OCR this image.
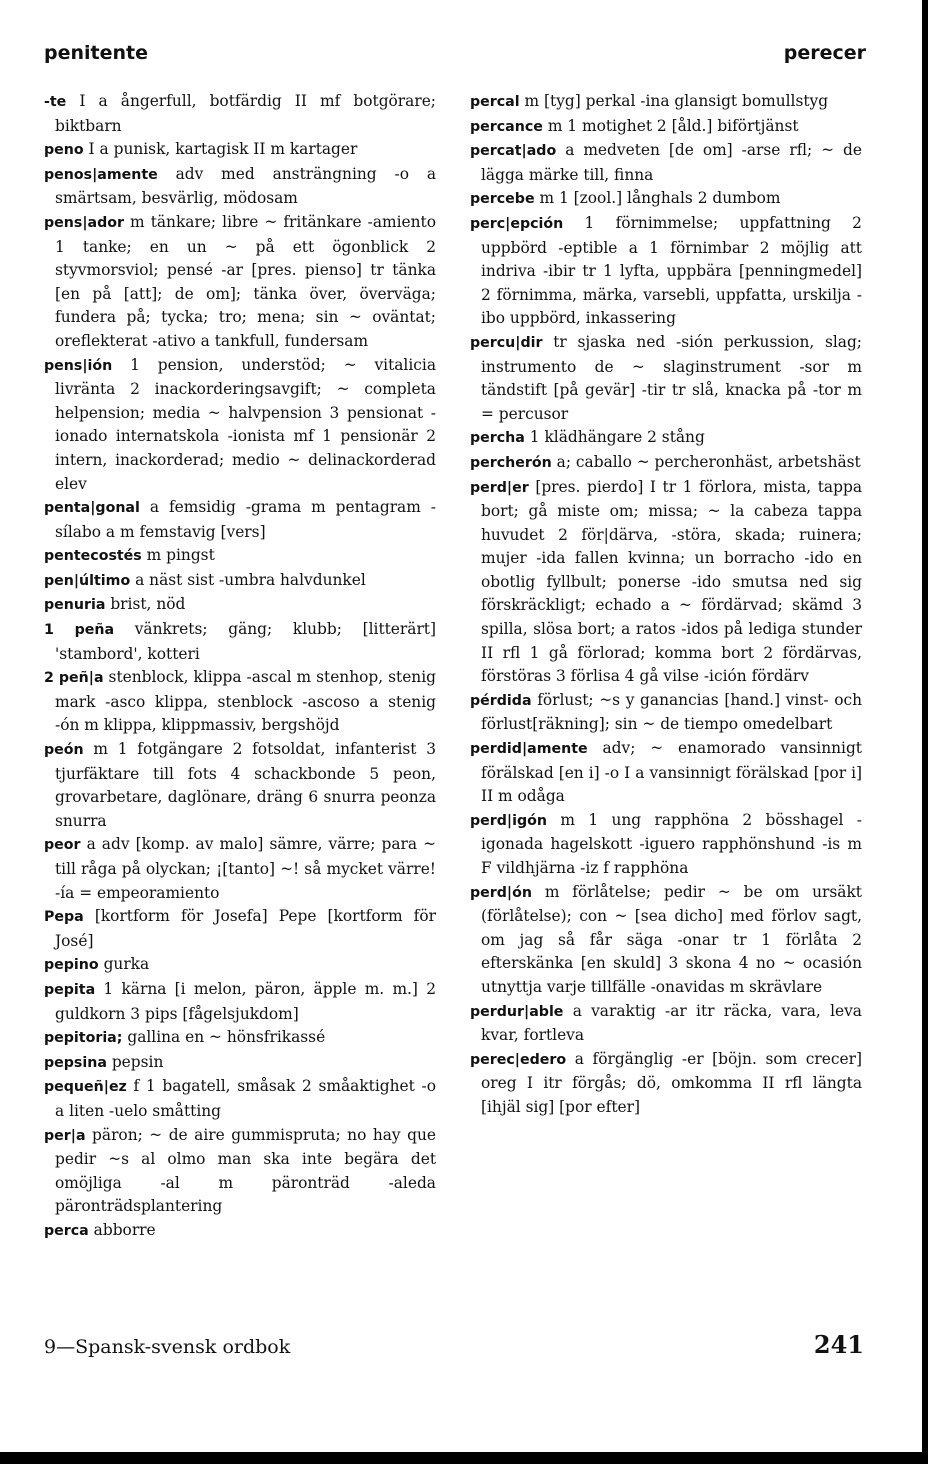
penitente	perecer

-te I a ångerfull, botfärdig II mf botgörare; biktbarn

peno I a punisk, kartagisk II m kartager

penos|amente adv med ansträngning -o a smärtsam, besvärlig, mödosam

pens|ador m tänkare; libre ~ fritänkare -amiento 1 tanke; en un ~ på ett ögonblick 2 styvmorsviol; pensé -ar [pres. pienso] tr tänka [en på [att]; de om]; tänka över, överväga; fundera på; tycka; tro; mena; sin ~ oväntat; oreflekterat -ativo a tankfull, fundersam

pens|ión 1 pension, understöd; ~ vitalicia livränta 2 inackorderingsavgift; ~ completa helpension; media ~ halvpension 3 pensionat -ionado internatskola -ionista mf 1 pensionär 2 intern, inackorderad; medio ~ delinackorderad elev

penta|gonal a femsidig -grama m pentagram -sílabo a m femstavig [vers]

pentecostés m pingst

pen|último a näst sist -umbra halvdunkel

penuria brist, nöd

1 peña vänkrets; gäng; klubb; [litterärt] 'stambord', kotteri

2 peñ|a stenblock, klippa -ascal m stenhop, stenig mark -asco klippa, stenblock -ascoso a stenig -ón m klippa, klippmassiv, bergshöjd

peón m 1 fotgängare 2 fotsoldat, infanterist 3 tjurfäktare till fots 4 schackbonde 5 peon, grovarbetare, daglönare, dräng 6 snurra peonza snurra

peor a adv [komp. av malo] sämre, värre; para ~ till råga på olyckan; ¡[tanto] ~! så mycket värre! -ía = empeoramiento

Pepa [kortform för Josefa] Pepe [kortform för José]

pepino gurka

pepita 1 kärna [i melon, päron, äpple m. m.] 2 guldkorn 3 pips [fågelsjukdom]

pepitoria; gallina en ~ hönsfrikassé

pepsina pepsin

pequeñ|ez f 1 bagatell, småsak 2 småaktighet -o a liten -uelo småtting

per|a päron; ~ de aire gummispruta; no hay que pedir ~s al olmo man ska inte begära det omöjliga -al m päronträd -aleda päronträdsplantering

perca abborre

percal m [tyg] perkal -ina glansigt bomullstyg

percance m 1 motighet 2 [åld.] biförtjänst

percat|ado a medveten [de om] -arse rfl; ~ de lägga märke till, finna

percebe m 1 [zool.] långhals 2 dumbom

perc|epción 1 förnimmelse; uppfattning 2 uppbörd -eptible a 1 förnimbar 2 möjlig att indriva -ibir tr 1 lyfta, uppbära [penningmedel] 2 förnimma, märka, varsebli, uppfatta, urskilja -ibo uppbörd, inkassering

percu|dir tr sjaska ned -sión perkussion, slag; instrumento de ~ slaginstrument -sor m tändstift [på gevär] -tir tr slå, knacka på -tor m = percusor

percha 1 klädhängare 2 stång

percherón a; caballo ~ percheronhäst, arbetshäst

perd|er [pres. pierdo] I tr 1 förlora, mista, tappa bort; gå miste om; missa; ~ la cabeza tappa huvudet 2 för|därva, -störa, skada; ruinera; mujer -ida fallen kvinna; un borracho -ido en obotlig fyllbult; ponerse -ido smutsa ned sig förskräckligt; echado a ~ fördärvad; skämd 3 spilla, slösa bort; a ratos -idos på lediga stunder II rfl 1 gå förlorad; komma bort 2 fördärvas, förstöras 3 förlisa 4 gå vilse -ición fördärv

pérdida förlust; ~s y ganancias [hand.] vinst- och förlust[räkning]; sin ~ de tiempo omedelbart

perdid|amente adv; ~ enamorado vansinnigt förälskad [en i] -o I a vansinnigt förälskad [por i] II m odåga

perd|igón m 1 ung rapphöna 2 bösshagel -igonada hagelskott -iguero rapphönshund -is m F vildhjärna -iz f rapphöna

perd|ón m förlåtelse; pedir ~ be om ursäkt (förlåtelse); con ~ [sea dicho] med förlov sagt, om jag så får säga -onar tr 1 förlåta 2 efterskänka [en skuld] 3 skona 4 no ~ ocasión utnyttja varje tillfälle -onavidas m skrävlare

perdur|able a varaktig -ar itr räcka, vara, leva kvar, fortleva

perec|edero a förgänglig -er [böjn. som crecer] oreg I itr förgås; dö, omkomma II rfl längta [ihjäl sig] [por efter]

9—Spansk-svensk ordbok	241
